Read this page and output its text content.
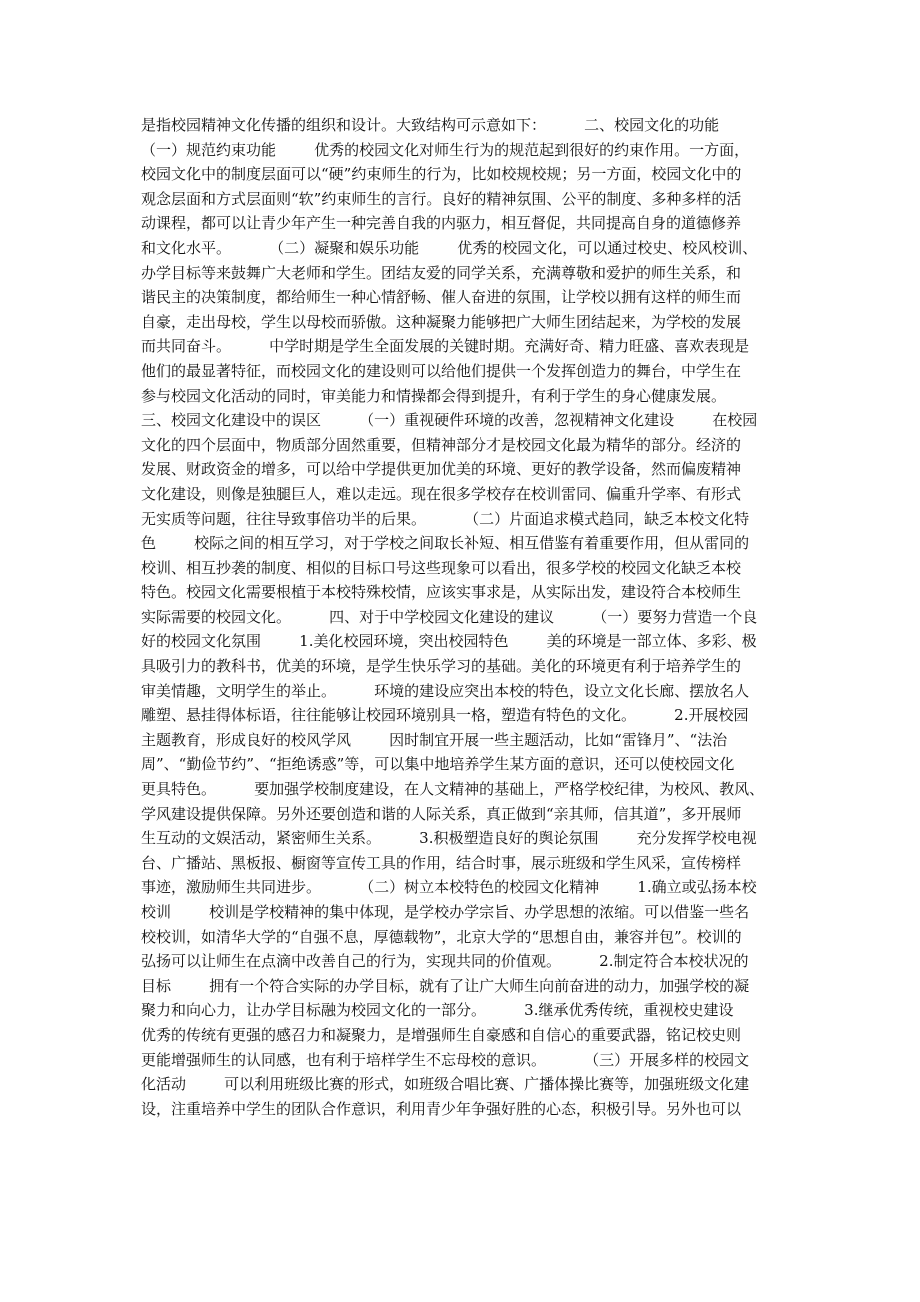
是指校园精神文化传播的组织和设计。大致结构可示意如下：        二、校园文化的功能
（一）规范约束功能        优秀的校园文化对师生行为的规范起到很好的约束作用。一方面，
校园文化中的制度层面可以“硬”约束师生的行为，比如校规校规；另一方面，校园文化中的
观念层面和方式层面则“软”约束师生的言行。良好的精神氛围、公平的制度、多种多样的活
动课程，都可以让青少年产生一种完善自我的内驱力，相互督促，共同提高自身的道德修养
和文化水平。        （二）凝聚和娱乐功能        优秀的校园文化，可以通过校史、校风校训、
办学目标等来鼓舞广大老师和学生。团结友爱的同学关系，充满尊敬和爱护的师生关系，和
谐民主的决策制度，都给师生一种心情舒畅、催人奋进的氛围，让学校以拥有这样的师生而
自豪，走出母校，学生以母校而骄傲。这种凝聚力能够把广大师生团结起来，为学校的发展
而共同奋斗。        中学时期是学生全面发展的关键时期。充满好奇、精力旺盛、喜欢表现是
他们的最显著特征，而校园文化的建设则可以给他们提供一个发挥创造力的舞台，中学生在
参与校园文化活动的同时，审美能力和情操都会得到提升，有利于学生的身心健康发展。
三、校园文化建设中的误区        （一）重视硬件环境的改善，忽视精神文化建设        在校园
文化的四个层面中，物质部分固然重要，但精神部分才是校园文化最为精华的部分。经济的
发展、财政资金的增多，可以给中学提供更加优美的环境、更好的教学设备，然而偏废精神
文化建设，则像是独腿巨人，难以走远。现在很多学校存在校训雷同、偏重升学率、有形式
无实质等问题，往往导致事倍功半的后果。        （二）片面追求模式趋同，缺乏本校文化特
色        校际之间的相互学习，对于学校之间取长补短、相互借鉴有着重要作用，但从雷同的
校训、相互抄袭的制度、相似的目标口号这些现象可以看出，很多学校的校园文化缺乏本校
特色。校园文化需要根植于本校特殊校情，应该实事求是，从实际出发，建设符合本校师生
实际需要的校园文化。        四、对于中学校园文化建设的建议        （一）要努力营造一个良
好的校园文化氛围        1.美化校园环境，突出校园特色        美的环境是一部立体、多彩、极
具吸引力的教科书，优美的环境，是学生快乐学习的基础。美化的环境更有利于培养学生的
审美情趣，文明学生的举止。        环境的建设应突出本校的特色，设立文化长廊、摆放名人
雕塑、悬挂得体标语，往往能够让校园环境别具一格，塑造有特色的文化。        2.开展校园
主题教育，形成良好的校风学风        因时制宜开展一些主题活动，比如“雷锋月”、“法治
周”、“勤俭节约”、“拒绝诱惑”等，可以集中地培养学生某方面的意识，还可以使校园文化
更具特色。        要加强学校制度建设，在人文精神的基础上，严格学校纪律，为校风、教风、
学风建设提供保障。另外还要创造和谐的人际关系，真正做到“亲其师，信其道”，多开展师
生互动的文娱活动，紧密师生关系。        3.积极塑造良好的舆论氛围        充分发挥学校电视
台、广播站、黑板报、橱窗等宣传工具的作用，结合时事，展示班级和学生风采，宣传榜样
事迹，激励师生共同进步。        （二）树立本校特色的校园文化精神        1.确立或弘扬本校
校训        校训是学校精神的集中体现，是学校办学宗旨、办学思想的浓缩。可以借鉴一些名
校校训，如清华大学的“自强不息，厚德载物”，北京大学的“思想自由，兼容并包”。校训的
弘扬可以让师生在点滴中改善自己的行为，实现共同的价值观。        2.制定符合本校状况的
目标        拥有一个符合实际的办学目标，就有了让广大师生向前奋进的动力，加强学校的凝
聚力和向心力，让办学目标融为校园文化的一部分。        3.继承优秀传统，重视校史建设
优秀的传统有更强的感召力和凝聚力，是增强师生自豪感和自信心的重要武器，铭记校史则
更能增强师生的认同感，也有利于培样学生不忘母校的意识。        （三）开展多样的校园文
化活动        可以利用班级比赛的形式，如班级合唱比赛、广播体操比赛等，加强班级文化建
设，注重培养中学生的团队合作意识，利用青少年争强好胜的心态，积极引导。另外也可以
